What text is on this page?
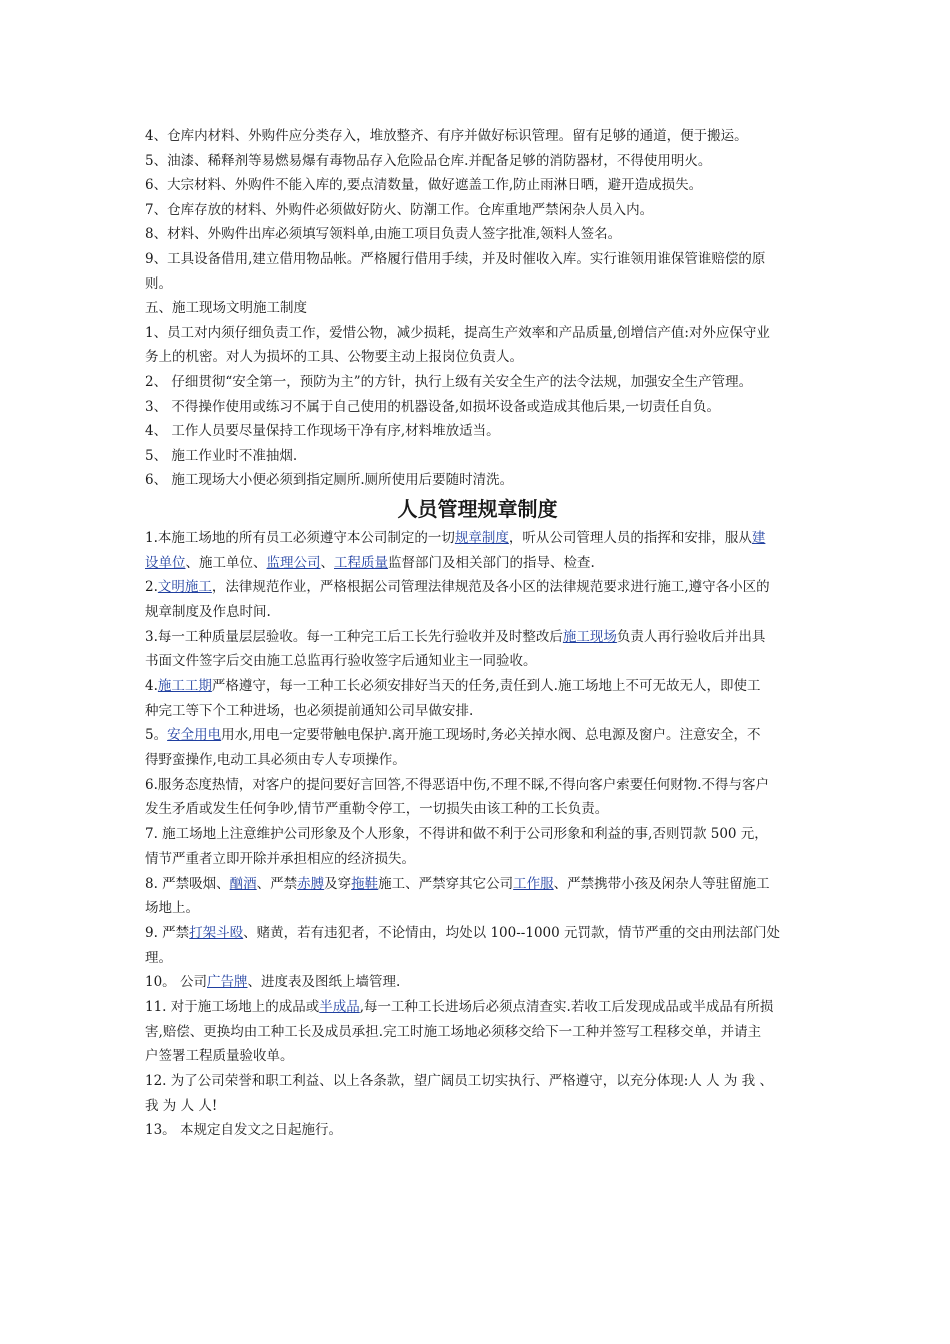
4、仓库内材料、外购件应分类存入，堆放整齐、有序并做好标识管理。留有足够的通道，便于搬运。
5、油漆、稀释剂等易燃易爆有毒物品存入危险品仓库.并配备足够的消防器材，不得使用明火。
6、大宗材料、外购件不能入库的,要点清数量，做好遮盖工作,防止雨淋日晒，避开造成损失。
7、仓库存放的材料、外购件必须做好防火、防潮工作。仓库重地严禁闲杂人员入内。
8、材料、外购件出库必须填写领料单,由施工项目负责人签字批准,领料人签名。
9、工具设备借用,建立借用物品帐。严格履行借用手续，并及时催收入库。实行谁领用谁保管谁赔偿的原
则。
五、施工现场文明施工制度
1、员工对内须仔细负责工作，爱惜公物，减少损耗，提高生产效率和产品质量,创增信产值:对外应保守业
务上的机密。对人为损坏的工具、公物要主动上报岗位负责人。
2、 仔细贯彻“安全第一，预防为主”的方针，执行上级有关安全生产的法令法规，加强安全生产管理。
3、 不得操作使用或练习不属于自己使用的机器设备,如损坏设备或造成其他后果,一切责任自负。
4、 工作人员要尽量保持工作现场干净有序,材料堆放适当。
5、 施工作业时不准抽烟.
6、 施工现场大小便必须到指定厕所.厕所使用后要随时清洗。
人员管理规章制度
1.本施工场地的所有员工必须遵守本公司制定的一切规章制度，听从公司管理人员的指挥和安排，服从建
设单位、施工单位、监理公司、工程质量监督部门及相关部门的指导、检查.
2.文明施工，法律规范作业，严格根据公司管理法律规范及各小区的法律规范要求进行施工,遵守各小区的
规章制度及作息时间.
3.每一工种质量层层验收。每一工种完工后工长先行验收并及时整改后施工现场负责人再行验收后并出具
书面文件签字后交由施工总监再行验收签字后通知业主一同验收。
4.施工工期严格遵守，每一工种工长必须安排好当天的任务,责任到人.施工场地上不可无故无人，即使工
种完工等下个工种进场，也必须提前通知公司早做安排.
5。安全用电用水,用电一定要带触电保护.离开施工现场时,务必关掉水阀、总电源及窗户。注意安全，不
得野蛮操作,电动工具必须由专人专项操作。
6.服务态度热情，对客户的提问要好言回答,不得恶语中伤,不理不睬,不得向客户索要任何财物.不得与客户
发生矛盾或发生任何争吵,情节严重勒令停工，一切损失由该工种的工长负责。
7. 施工场地上注意维护公司形象及个人形象，不得讲和做不利于公司形象和利益的事,否则罚款 500 元，
情节严重者立即开除并承担相应的经济损失。
8. 严禁吸烟、酗酒、严禁赤膊及穿拖鞋施工、严禁穿其它公司工作服、严禁携带小孩及闲杂人等驻留施工
场地上。
9. 严禁打架斗殴、赌黄，若有违犯者，不论情由，均处以 100--1000 元罚款，情节严重的交由刑法部门处
理。
10。 公司广告牌、进度表及图纸上墙管理.
11. 对于施工场地上的成品或半成品,每一工种工长进场后必须点清查实.若收工后发现成品或半成品有所损
害,赔偿、更换均由工种工长及成员承担.完工时施工场地必须移交给下一工种并签写工程移交单，并请主
户签署工程质量验收单。
12. 为了公司荣誉和职工利益、以上各条款，望广阔员工切实执行、严格遵守，以充分体现:人 人 为 我 、
我 为 人 人!
13。 本规定自发文之日起施行。
